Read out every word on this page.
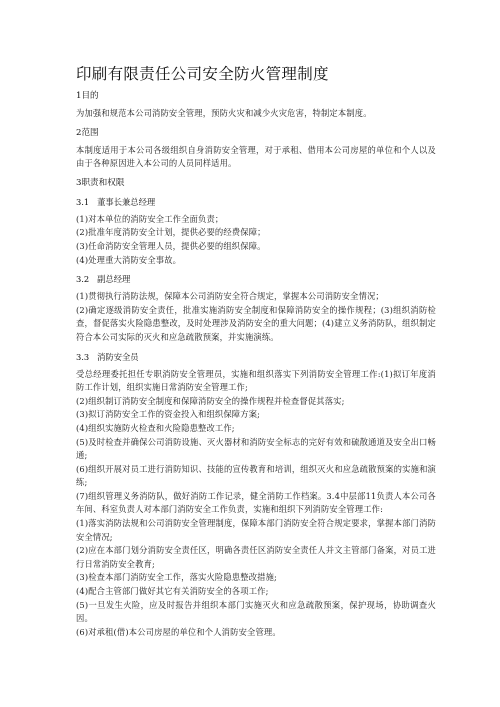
印刷有限责任公司安全防火管理制度

1目的

为加强和规范本公司消防安全管理，预防火灾和减少火灾危害，特制定本制度。

2范围

本制度适用于本公司各级组织自身消防安全管理，对于承租、借用本公司房屋的单位和个人以及由于各种原因进入本公司的人员同样适用。

3职责和权限

3.1   董事长兼总经理

(1)对本单位的消防安全工作全面负责；

(2)批准年度消防安全计划，提供必要的经费保障；

(3)任命消防安全管理人员，提供必要的组织保障。

(4)处理重大消防安全事故。

3.2   副总经理

(1)贯彻执行消防法规，保障本公司消防安全符合规定，掌握本公司消防安全情况；

(2)确定逐级消防安全责任，批准实施消防安全制度和保障消防安全的操作规程；(3)组织消防检查，督促落实火险隐患整改，及时处理涉及消防安全的重大问题；(4)建立义务消防队，组织制定符合本公司实际的灭火和应急疏散预案，并实施演练。

3.3   消防安全员

受总经理委托担任专职消防安全管理员，实施和组织落实下列消防安全管理工作:(1)拟订年度消防工作计划，组织实施日常消防安全管理工作;

(2)组织制订消防安全制度和保障消防安全的操作规程并检查督促其落实;

(3)拟订消防安全工作的资金投入和组织保障方案;

(4)组织实施防火检查和火险隐患整改工作;

(5)及时检查并确保公司消防设施、灭火器材和消防安全标志的完好有效和硫散通道及安全出口畅通;

(6)组织开展对员工进行消防知识、技能的宣传教育和培训，组织灭火和应急疏散预案的实施和演练;

(7)组织管理义务消防队，做好消防工作记录，健全消防工作档案。3.4中层部11负责人本公司各车间、科室负责人对本部门消防安全工作负责，实施和组织下列消防安全管理工作:

(1)落实消防法规和公司消防安全管理制度，保障本部门消防安全符合规定要求，掌握本部门消防安全情况;

(2)应在本部门划分消防安全责任区，明确各责任区消防安全责任人并文主管部门备案，对员工进行日常消防安全教育;

(3)检查本部门消防安全工作，落实火险隐患整改措施;

(4)配合主管部门做好其它有关消防安全的各项工作;

(5)一旦发生火险，应及时报告并组织本部门实施灭火和应急疏散预案，保护现场，协助调查火因。

(6)对承租(借)本公司房屋的单位和个人消防安全管理。
